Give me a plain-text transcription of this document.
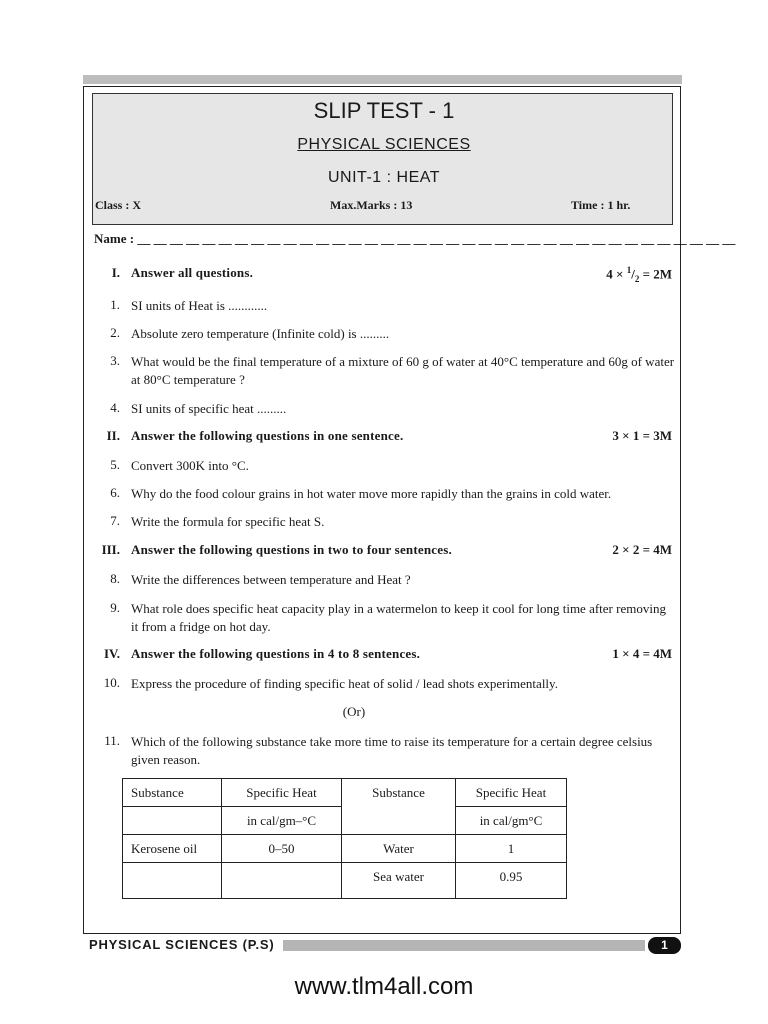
SLIP TEST - 1
PHYSICAL SCIENCES
UNIT-1 : HEAT
Class : X	Max.Marks : 13	Time : 1 hr.
Name : __ __ __ __ __ __ __ __ __ __ __ __ __ __ __ __ __ __ __ __ __ __ __ __ __ __ __ __ __ __ __ __ __ __ __ __ __
I. Answer all questions.	$4 \times ^1/_2 = 2M$
1. SI units of Heat is ............
2. Absolute zero temperature (Infinite cold) is .........
3. What would be the final temperature of a mixture of 60 g of water at 40°C temperature and 60g of water at 80°C temperature ?
4. SI units of specific heat .........
II. Answer the following questions in one sentence.	3 × 1 = 3M
5. Convert 300K into °C.
6. Why do the food colour grains in hot water move more rapidly than the grains in cold water.
7. Write the formula for specific heat S.
III. Answer the following questions in two to four sentences.	2 × 2 = 4M
8. Write the differences between temperature and Heat ?
9. What role does specific heat capacity play in a watermelon to keep it cool for long time after removing it from a fridge on hot day.
IV. Answer the following questions in 4 to 8 sentences.	1 × 4 = 4M
10. Express the procedure of finding specific heat of solid / lead shots experimentally.
(Or)
11. Which of the following substance take more time to raise its temperature for a certain degree celsius given reason.
Substance	Specific Heat	Substance	Specific Heat
	in cal/gm–°C		in cal/gm°C
Kerosene oil	0–50	Water	1
		Sea water	0.95
PHYSICAL SCIENCES (P.S)	1
www.tlm4all.com
